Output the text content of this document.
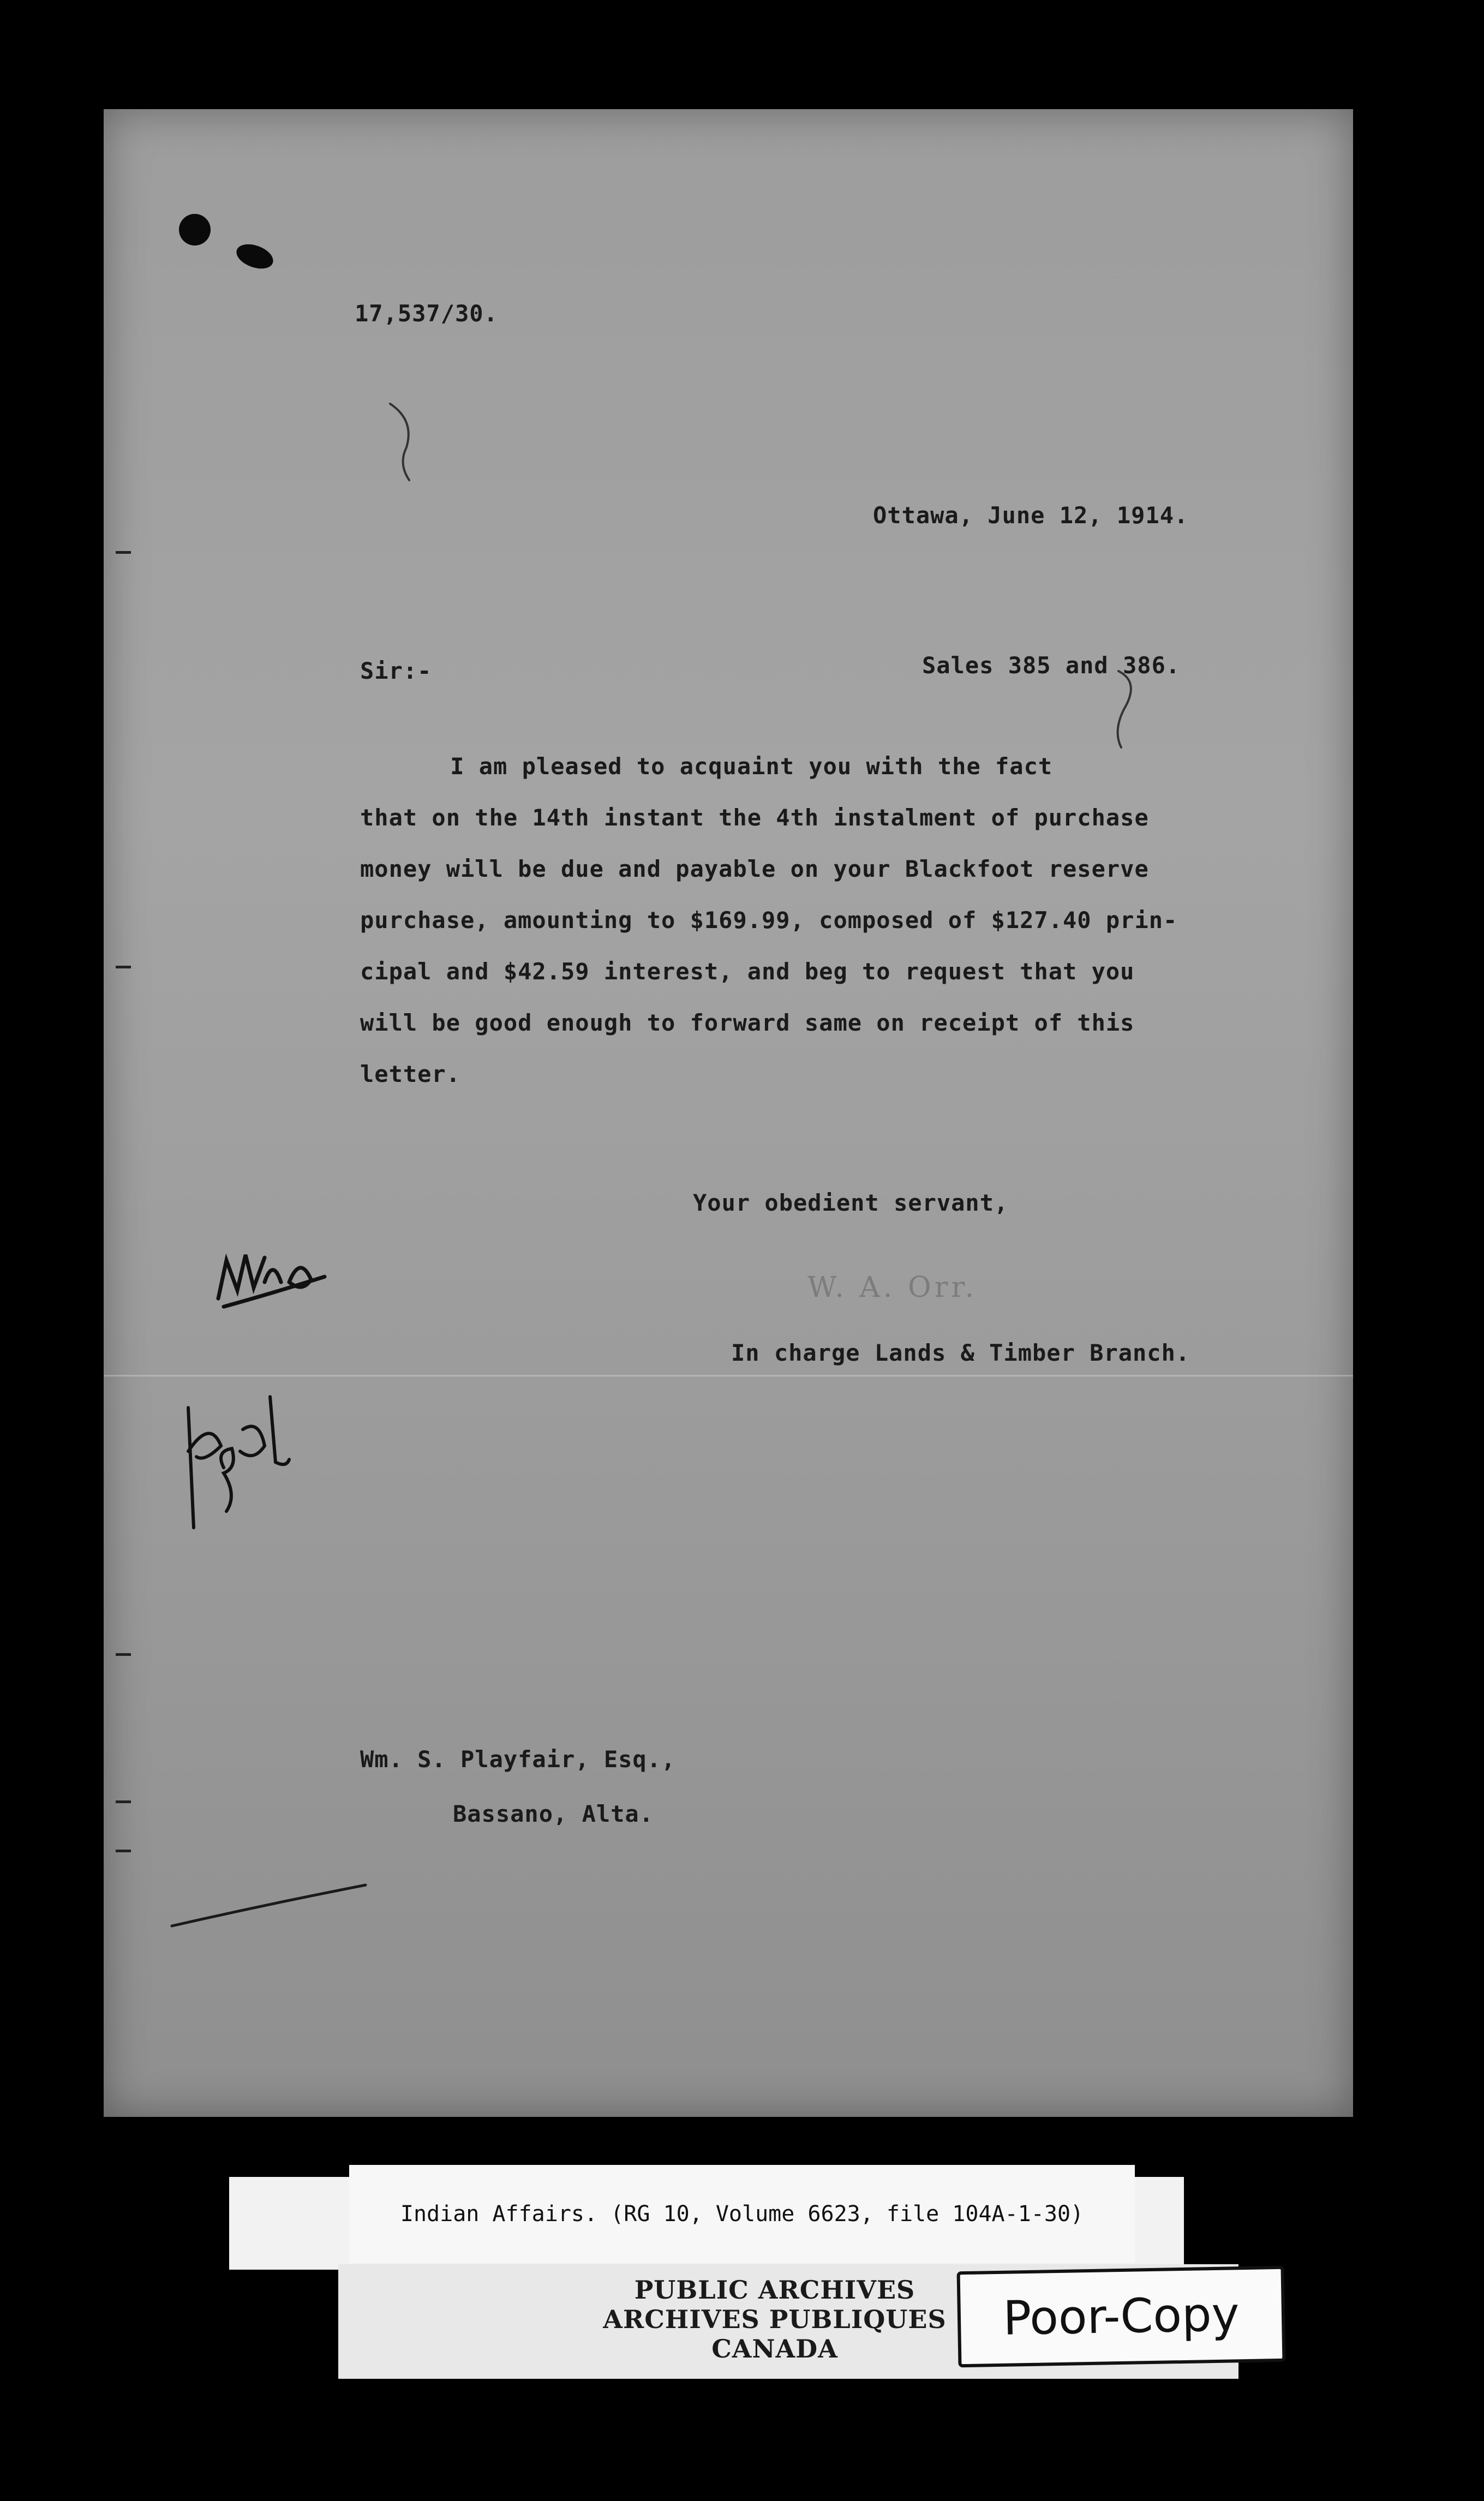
17,537/30.
Ottawa, June 12, 1914.
Sir:-	Sales 385 and 386.
I am pleased to acquaint you with the fact
that on the 14th instant the 4th instalment of purchase
money will be due and payable on your Blackfoot reserve
purchase, amounting to $169.99, composed of $127.40 prin-
cipal and $42.59 interest, and beg to request that you
will be good enough to forward same on receipt of this
letter.
Your obedient servant,
W. A. Orr.
In charge Lands & Timber Branch.
Wm. S. Playfair, Esq.,
Bassano, Alta.
Indian Affairs. (RG 10, Volume 6623, file 104A-1-30)
PUBLIC ARCHIVES
ARCHIVES PUBLIQUES
CANADA
Poor-Copy
